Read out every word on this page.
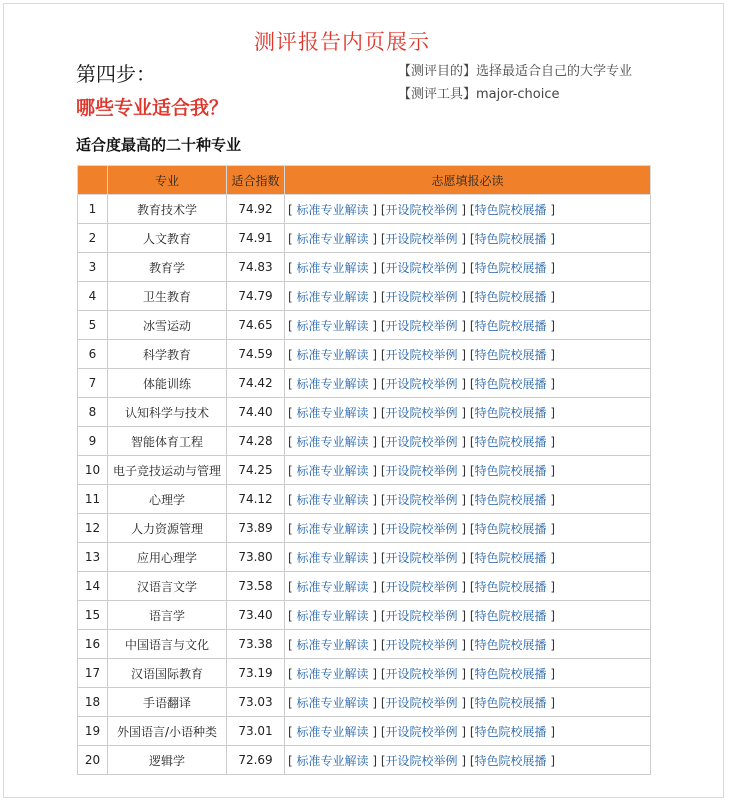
测评报告内页展示
第四步：
哪些专业适合我？
【测评目的】选择最适合自己的大学专业
【测评工具】major-choice
适合度最高的二十种专业
	专业	适合指数	志愿填报必读
1	教育技术学	74.92	[ 标准专业解读 ] [开设院校举例 ] [特色院校展播 ]
2	人文教育	74.91	[ 标准专业解读 ] [开设院校举例 ] [特色院校展播 ]
3	教育学	74.83	[ 标准专业解读 ] [开设院校举例 ] [特色院校展播 ]
4	卫生教育	74.79	[ 标准专业解读 ] [开设院校举例 ] [特色院校展播 ]
5	冰雪运动	74.65	[ 标准专业解读 ] [开设院校举例 ] [特色院校展播 ]
6	科学教育	74.59	[ 标准专业解读 ] [开设院校举例 ] [特色院校展播 ]
7	体能训练	74.42	[ 标准专业解读 ] [开设院校举例 ] [特色院校展播 ]
8	认知科学与技术	74.40	[ 标准专业解读 ] [开设院校举例 ] [特色院校展播 ]
9	智能体育工程	74.28	[ 标准专业解读 ] [开设院校举例 ] [特色院校展播 ]
10	电子竞技运动与管理	74.25	[ 标准专业解读 ] [开设院校举例 ] [特色院校展播 ]
11	心理学	74.12	[ 标准专业解读 ] [开设院校举例 ] [特色院校展播 ]
12	人力资源管理	73.89	[ 标准专业解读 ] [开设院校举例 ] [特色院校展播 ]
13	应用心理学	73.80	[ 标准专业解读 ] [开设院校举例 ] [特色院校展播 ]
14	汉语言文学	73.58	[ 标准专业解读 ] [开设院校举例 ] [特色院校展播 ]
15	语言学	73.40	[ 标准专业解读 ] [开设院校举例 ] [特色院校展播 ]
16	中国语言与文化	73.38	[ 标准专业解读 ] [开设院校举例 ] [特色院校展播 ]
17	汉语国际教育	73.19	[ 标准专业解读 ] [开设院校举例 ] [特色院校展播 ]
18	手语翻译	73.03	[ 标准专业解读 ] [开设院校举例 ] [特色院校展播 ]
19	外国语言/小语种类	73.01	[ 标准专业解读 ] [开设院校举例 ] [特色院校展播 ]
20	逻辑学	72.69	[ 标准专业解读 ] [开设院校举例 ] [特色院校展播 ]
